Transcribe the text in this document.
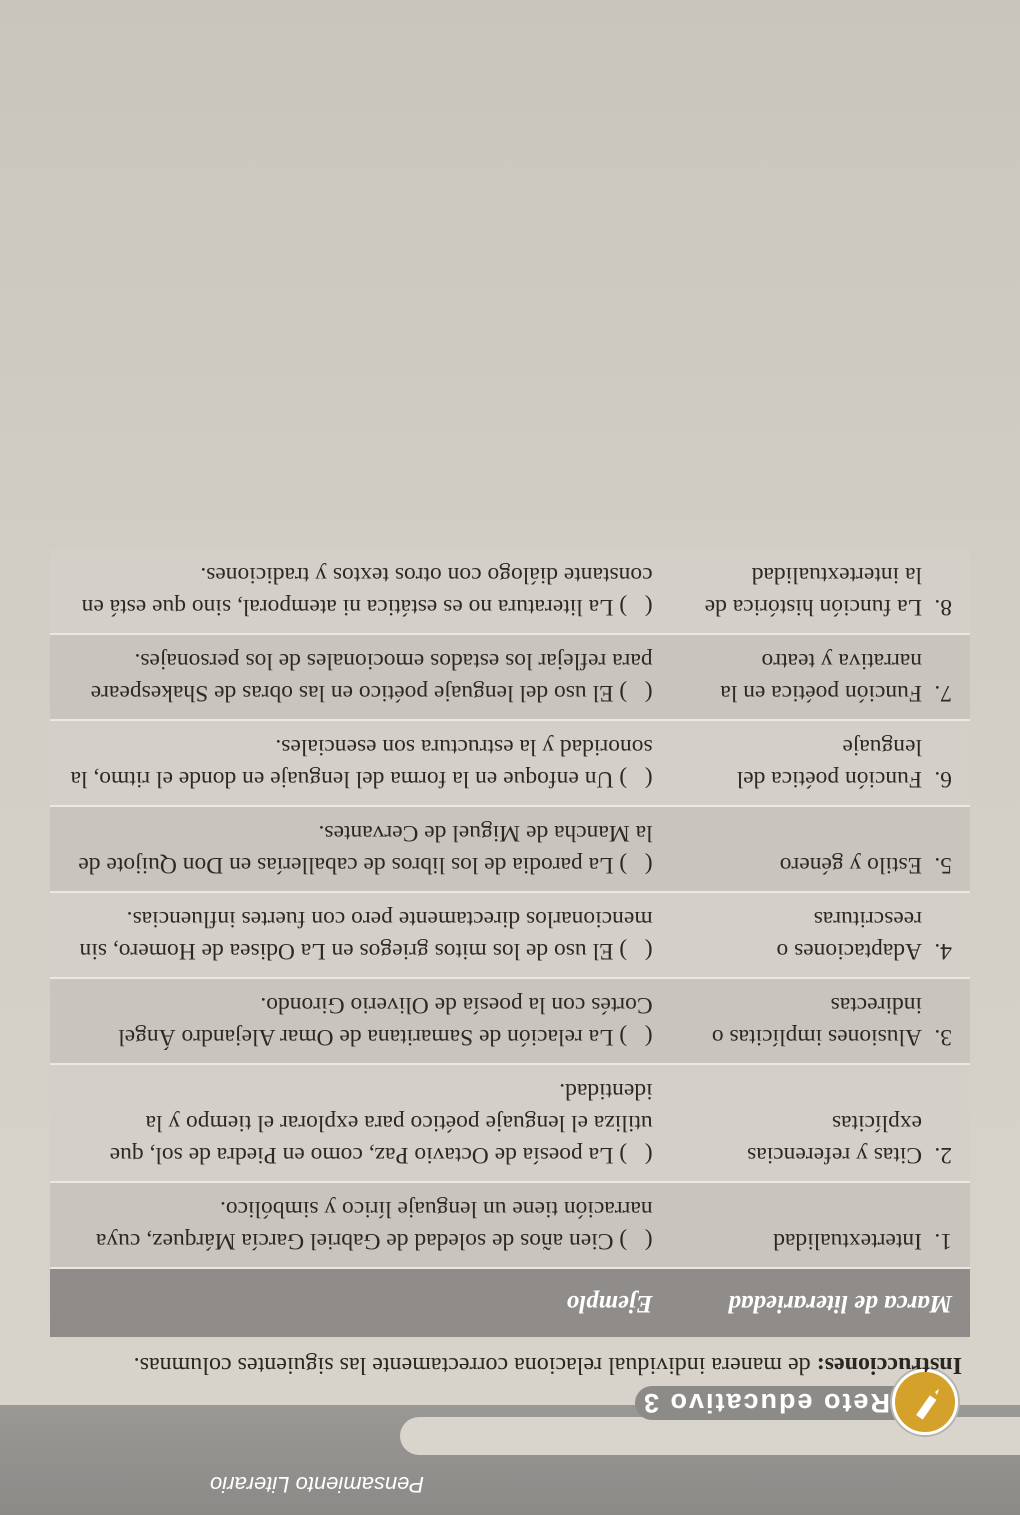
Pensamiento Literario
Reto educativo 3
Instrucciones: de manera individual relaciona correctamente las siguientes columnas.
Marca de literariedad	Ejemplo

1.
Intertextualidad	(   ) Cien años de soledad de Gabriel García Márquez, cuya narración tiene un lenguaje lírico y simbólico.

2.
Citas y referencias explícitas	(   ) La poesía de Octavio Paz, como en Piedra de sol, que utiliza el lenguaje poético para explorar el tiempo y la identidad.

3.
Alusiones implícitas o indirectas	(   ) La relación de Samaritana de Omar Alejandro Ángel Cortés con la poesía de Oliverio Girondo.

4.
Adaptaciones o reescrituras	(   ) El uso de los mitos griegos en La Odisea de Homero, sin mencionarlos directamente pero con fuertes influencias.

5.
Estilo y género	(   ) La parodia de los libros de caballerías en Don Quijote de la Mancha de Miguel de Cervantes.

6.
Función poética del lenguaje	(   ) Un enfoque en la forma del lenguaje en donde el ritmo, la sonoridad y la estructura son esenciales.

7.
Función poética en la narrativa y teatro	(   ) El uso del lenguaje poético en las obras de Shakespeare para reflejar los estados emocionales de los personajes.

8.
La función histórica de la intertextualidad	(   ) La literatura no es estática ni atemporal, sino que está en constante diálogo con otros textos y tradiciones.
